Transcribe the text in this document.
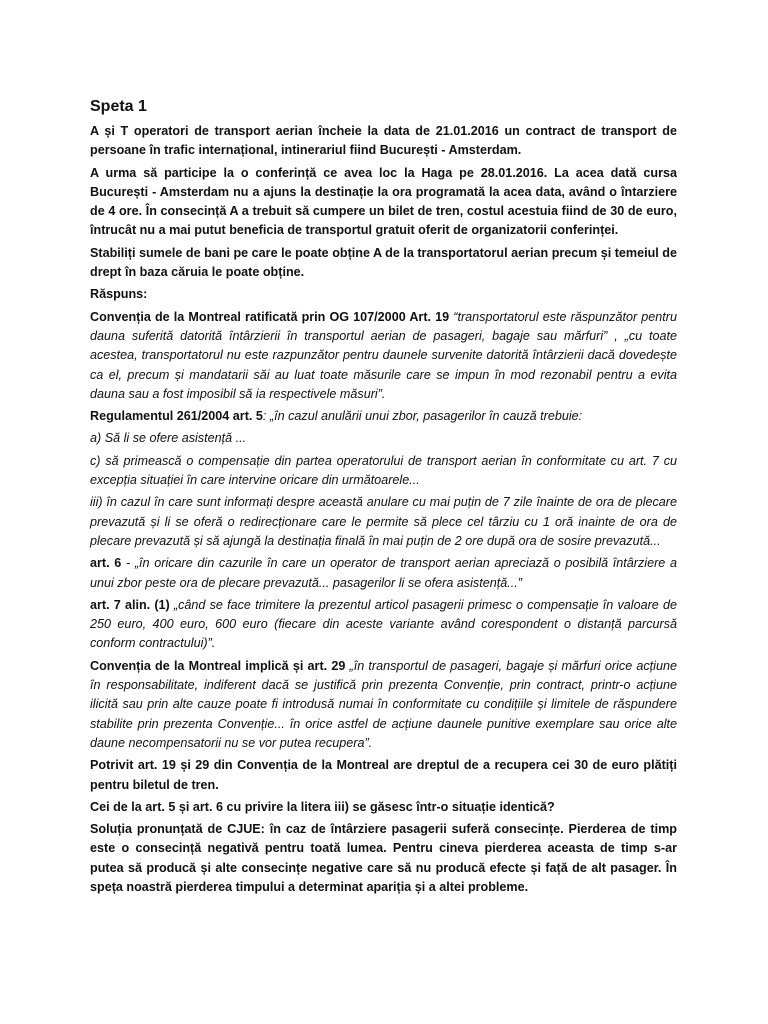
Speta 1

A și T operatori de transport aerian încheie la data de 21.01.2016 un contract de transport de persoane în trafic internațional, intinerariul fiind București - Amsterdam.

A urma să participe la o conferință ce avea loc la Haga pe 28.01.2016. La acea dată cursa București - Amsterdam nu a ajuns la destinație la ora programată la acea data, având o întarziere de 4 ore. În consecință A a trebuit să cumpere un bilet de tren, costul acestuia fiind de 30 de euro, întrucât nu a mai putut beneficia de transportul gratuit oferit de organizatorii conferinței.

Stabiliți sumele de bani pe care le poate obține A de la transportatorul aerian precum și temeiul de drept în baza căruia le poate obține.

Răspuns:

Convenția de la Montreal ratificată prin OG 107/2000 Art. 19 “transportatorul este răspunzător pentru dauna suferită datorită întârzierii în transportul aerian de pasageri, bagaje sau mărfuri” , „cu toate acestea, transportatorul nu este razpunzător pentru daunele survenite datorită întârzierii dacă dovedește ca el, precum și mandatarii săi au luat toate măsurile care se impun în mod rezonabil pentru a evita dauna sau a fost imposibil să ia respectivele măsuri”.

Regulamentul 261/2004 art. 5: „în cazul anulării unui zbor, pasagerilor în cauză trebuie:

a) Să li se ofere asistență ...

c) să primească o compensație din partea operatorului de transport aerian în conformitate cu art. 7 cu excepția situației în care intervine oricare din următoarele...

iii) în cazul în care sunt informați despre această anulare cu mai puțin de 7 zile înainte de ora de plecare prevazută și li se oferă o redirecționare care le permite să plece cel târziu cu 1 oră inainte de ora de plecare prevazută și să ajungă la destinația finală în mai puțin de 2 ore după ora de sosire prevazută...

art. 6 - „în oricare din cazurile în care un operator de transport aerian apreciază o posibilă întârziere a unui zbor peste ora de plecare prevazută... pasagerilor li se ofera asistență...”

art. 7 alin. (1) „când se face trimitere la prezentul articol pasagerii primesc o compensație în valoare de 250 euro, 400 euro, 600 euro (fiecare din aceste variante având corespondent o distanță parcursă conform contractului)”.

Convenția de la Montreal implică și art. 29 „în transportul de pasageri, bagaje și mărfuri orice acțiune în responsabilitate, indiferent dacă se justifică prin prezenta Convenție, prin contract, printr-o acțiune ilicită sau prin alte cauze poate fi introdusă numai în conformitate cu condițiile și limitele de răspundere stabilite prin prezenta Convenție... în orice astfel de acțiune daunele punitive exemplare sau orice alte daune necompensatorii nu se vor putea recupera”.

Potrivit art. 19 și 29 din Convenția de la Montreal are dreptul de a recupera cei 30 de euro plătiți pentru biletul de tren.

Cei de la art. 5 și art. 6 cu privire la litera iii) se găsesc într-o situație identică?

Soluția pronunțată de CJUE: în caz de întârziere pasagerii suferă consecințe. Pierderea de timp este o consecință negativă pentru toată lumea. Pentru cineva pierderea aceasta de timp s-ar putea să producă și alte consecințe negative care să nu producă efecte și față de alt pasager. În speța noastră pierderea timpului a determinat apariția și a altei probleme.
